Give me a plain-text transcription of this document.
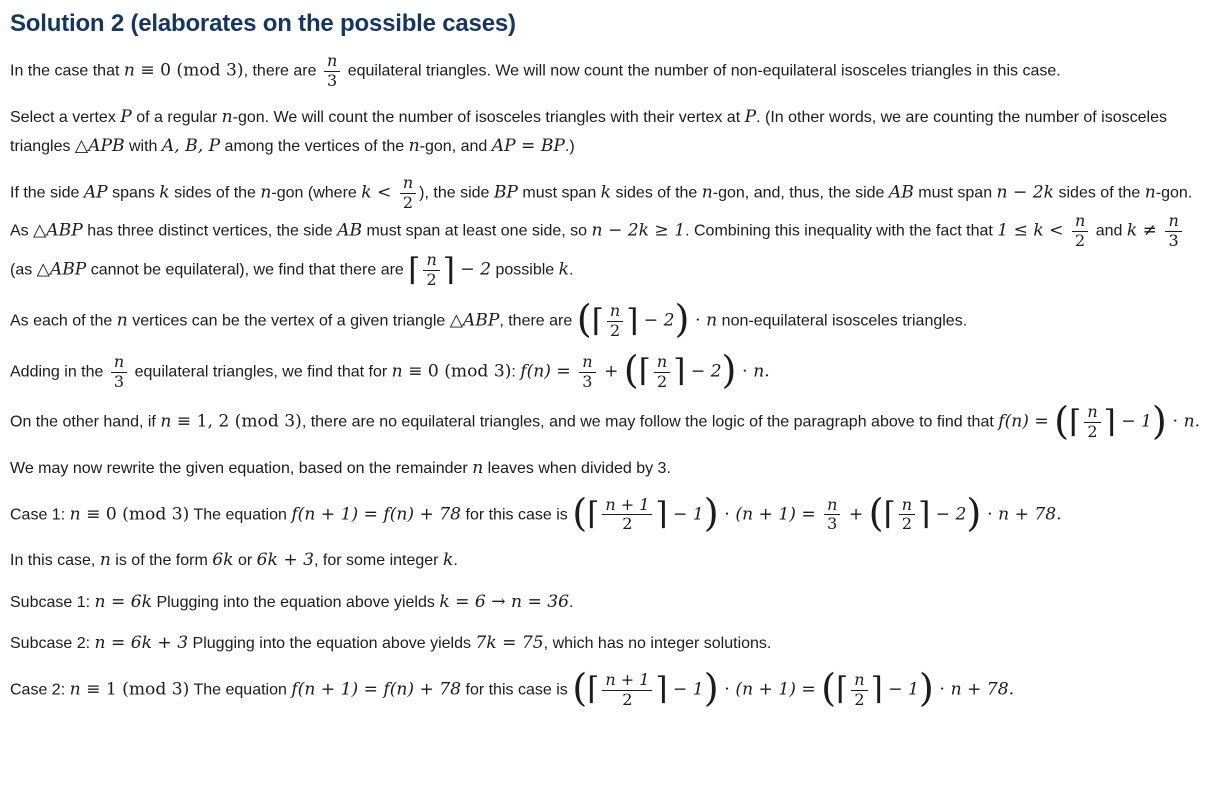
Solution 2 (elaborates on the possible cases)

In the case that n ≡ 0 (mod 3), there are $\frac{n}{3}$ equilateral triangles. We will now count the number of non-equilateral isosceles triangles in this case.

Select a vertex P of a regular n-gon. We will count the number of isosceles triangles with their vertex at P. (In other words, we are counting the number of isosceles triangles △APB with A, B, P among the vertices of the n-gon, and AP = BP.)

If the side AP spans k sides of the n-gon (where $k < \frac{n}{2}$ ), the side BP must span k sides of the n-gon, and, thus, the side AB must span n − 2k sides of the n-gon. As △ABP has three distinct vertices, the side AB must span at least one side, so n − 2k ≥ 1. Combining this inequality with the fact that $1 \le k < \frac{n}{2}$ and $k \ne \frac{n}{3}$
(as △ABP cannot be equilateral), we find that there are ⌈ $\frac{n}{2}$ ⌉ − 2 possible k.

As each of the n vertices can be the vertex of a given triangle △ABP, there are (⌈ $\frac{n}{2}$ ⌉ − 2) ⋅ n non-equilateral isosceles triangles.

Adding in the $\frac{n}{3}$ equilateral triangles, we find that for n ≡ 0 (mod 3): $f(n) = \frac{n}{3}$ + (⌈ $\frac{n}{2}$ ⌉ − 2) ⋅ n.

On the other hand, if n ≡ 1, 2 (mod 3), there are no equilateral triangles, and we may follow the logic of the paragraph above to find that f(n) = (⌈ $\frac{n}{2}$ ⌉ − 1) ⋅ n.

We may now rewrite the given equation, based on the remainder n leaves when divided by 3.

Case 1: n ≡ 0 (mod 3) The equation f(n + 1) = f(n) + 78 for this case is (⌈ $\frac{n + 1}{2}$ ⌉ − $1) \cdot (n + 1) = \frac{n}{3}$ + (⌈ $\frac{n}{2}$ ⌉ − 2) ⋅ n + 78.

In this case, n is of the form 6k or 6k + 3, for some integer k.

Subcase 1: n = 6k Plugging into the equation above yields k = 6 → n = 36.

Subcase 2: n = 6k + 3 Plugging into the equation above yields 7k = 75, which has no integer solutions.

Case 2: n ≡ 1 (mod 3) The equation f(n + 1) = f(n) + 78 for this case is (⌈ $\frac{n + 1}{2}$ ⌉ − 1) ⋅ (n + 1) = (⌈ $\frac{n}{2}$ ⌉ − 1) ⋅ n + 78.
